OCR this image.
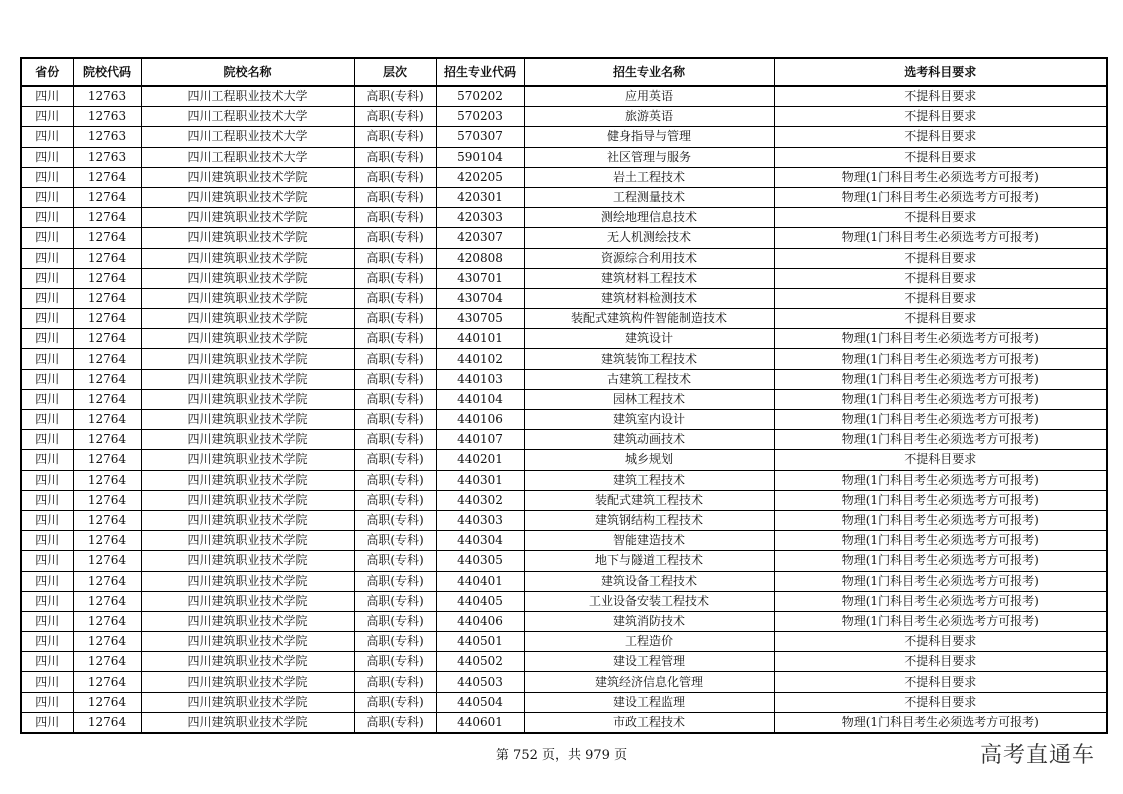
省份	院校代码	院校名称	层次	招生专业代码	招生专业名称	选考科目要求
四川	12763	四川工程职业技术大学	高职(专科)	570202	应用英语	不提科目要求
四川	12763	四川工程职业技术大学	高职(专科)	570203	旅游英语	不提科目要求
四川	12763	四川工程职业技术大学	高职(专科)	570307	健身指导与管理	不提科目要求
四川	12763	四川工程职业技术大学	高职(专科)	590104	社区管理与服务	不提科目要求
四川	12764	四川建筑职业技术学院	高职(专科)	420205	岩土工程技术	物理(1门科目考生必须选考方可报考)
四川	12764	四川建筑职业技术学院	高职(专科)	420301	工程测量技术	物理(1门科目考生必须选考方可报考)
四川	12764	四川建筑职业技术学院	高职(专科)	420303	测绘地理信息技术	不提科目要求
四川	12764	四川建筑职业技术学院	高职(专科)	420307	无人机测绘技术	物理(1门科目考生必须选考方可报考)
四川	12764	四川建筑职业技术学院	高职(专科)	420808	资源综合利用技术	不提科目要求
四川	12764	四川建筑职业技术学院	高职(专科)	430701	建筑材料工程技术	不提科目要求
四川	12764	四川建筑职业技术学院	高职(专科)	430704	建筑材料检测技术	不提科目要求
四川	12764	四川建筑职业技术学院	高职(专科)	430705	装配式建筑构件智能制造技术	不提科目要求
四川	12764	四川建筑职业技术学院	高职(专科)	440101	建筑设计	物理(1门科目考生必须选考方可报考)
四川	12764	四川建筑职业技术学院	高职(专科)	440102	建筑装饰工程技术	物理(1门科目考生必须选考方可报考)
四川	12764	四川建筑职业技术学院	高职(专科)	440103	古建筑工程技术	物理(1门科目考生必须选考方可报考)
四川	12764	四川建筑职业技术学院	高职(专科)	440104	园林工程技术	物理(1门科目考生必须选考方可报考)
四川	12764	四川建筑职业技术学院	高职(专科)	440106	建筑室内设计	物理(1门科目考生必须选考方可报考)
四川	12764	四川建筑职业技术学院	高职(专科)	440107	建筑动画技术	物理(1门科目考生必须选考方可报考)
四川	12764	四川建筑职业技术学院	高职(专科)	440201	城乡规划	不提科目要求
四川	12764	四川建筑职业技术学院	高职(专科)	440301	建筑工程技术	物理(1门科目考生必须选考方可报考)
四川	12764	四川建筑职业技术学院	高职(专科)	440302	装配式建筑工程技术	物理(1门科目考生必须选考方可报考)
四川	12764	四川建筑职业技术学院	高职(专科)	440303	建筑钢结构工程技术	物理(1门科目考生必须选考方可报考)
四川	12764	四川建筑职业技术学院	高职(专科)	440304	智能建造技术	物理(1门科目考生必须选考方可报考)
四川	12764	四川建筑职业技术学院	高职(专科)	440305	地下与隧道工程技术	物理(1门科目考生必须选考方可报考)
四川	12764	四川建筑职业技术学院	高职(专科)	440401	建筑设备工程技术	物理(1门科目考生必须选考方可报考)
四川	12764	四川建筑职业技术学院	高职(专科)	440405	工业设备安装工程技术	物理(1门科目考生必须选考方可报考)
四川	12764	四川建筑职业技术学院	高职(专科)	440406	建筑消防技术	物理(1门科目考生必须选考方可报考)
四川	12764	四川建筑职业技术学院	高职(专科)	440501	工程造价	不提科目要求
四川	12764	四川建筑职业技术学院	高职(专科)	440502	建设工程管理	不提科目要求
四川	12764	四川建筑职业技术学院	高职(专科)	440503	建筑经济信息化管理	不提科目要求
四川	12764	四川建筑职业技术学院	高职(专科)	440504	建设工程监理	不提科目要求
四川	12764	四川建筑职业技术学院	高职(专科)	440601	市政工程技术	物理(1门科目考生必须选考方可报考)
第 752 页，共 979 页	高考直通车
